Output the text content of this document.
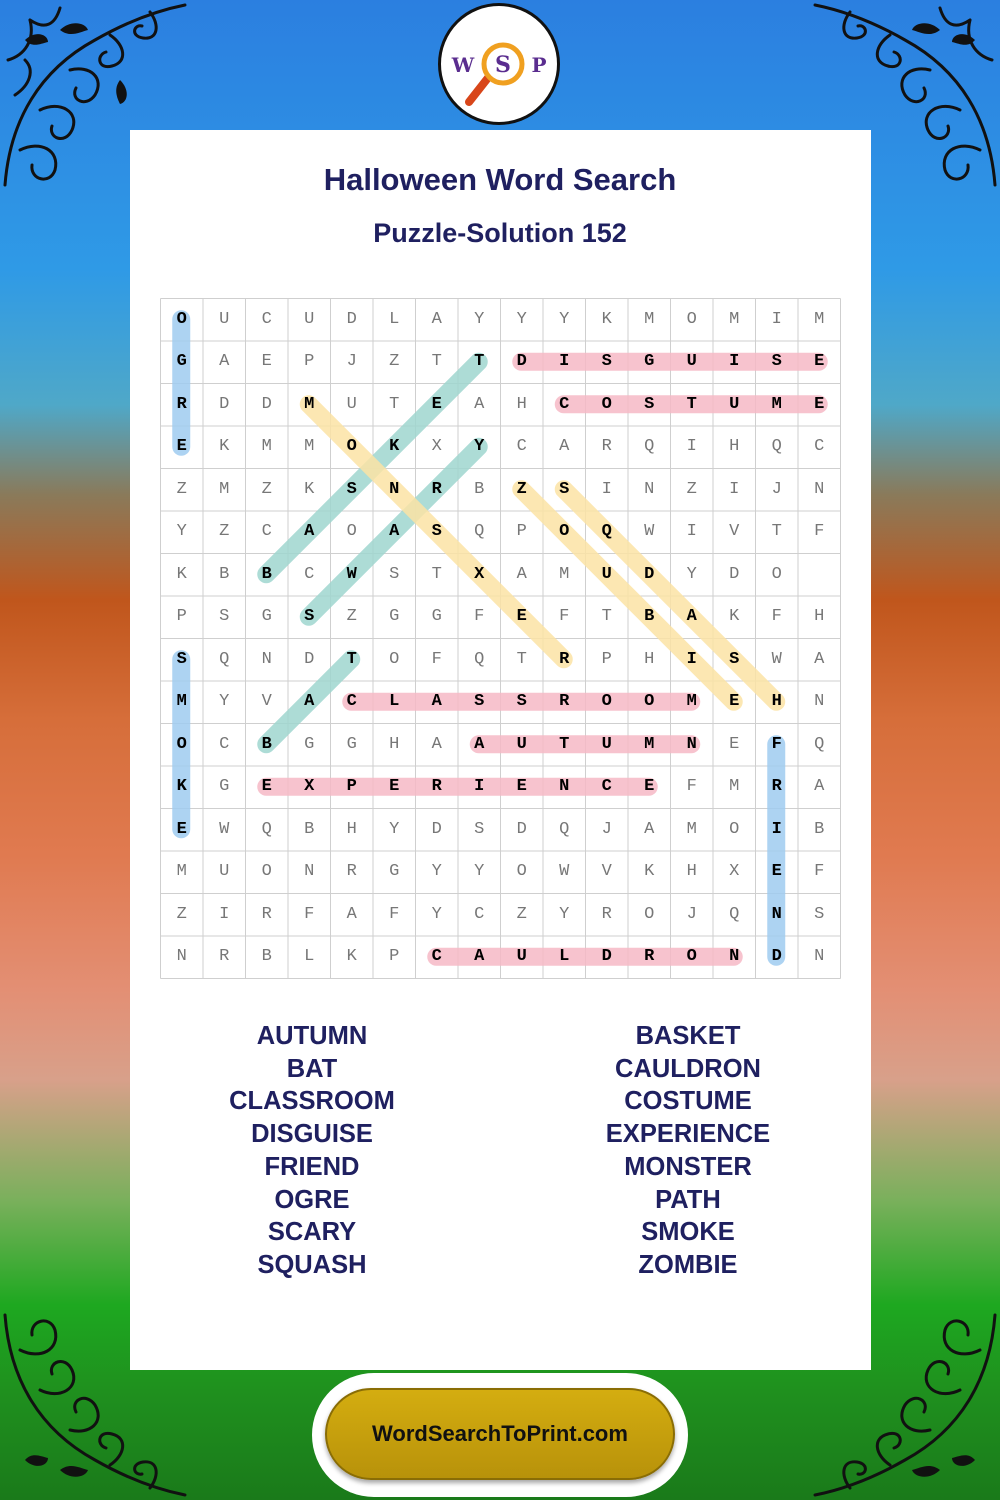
S
W	P
Halloween Word Search
Puzzle-Solution 152
O	U	C	U	D	L	A	Y	Y	Y	K	M	O	M	I	M
G	A	E	P	J	Z	T	T	D	I	S	G	U	I	S	E
R	D	D	M	U	T	E	A	H	C	O	S	T	U	M	E
E	K	M	M	O	K	X	Y	C	A	R	Q	I	H	Q	C
Z	M	Z	K	S	N	R	B	Z	S	I	N	Z	I	J	N
Y	Z	C	A	O	A	S	Q	P	O	Q	W	I	V	T	F
K	B	B	C	W	S	T	X	A	M	U	D	Y	D	O
P	S	G	S	Z	G	G	F	E	F	T	B	A	K	F	H
S	Q	N	D	T	O	F	Q	T	R	P	H	I	S	W	A
M	Y	V	A	C	L	A	S	S	R	O	O	M	E	H	N
O	C	B	G	G	H	A	A	U	T	U	M	N	E	F	Q
K	G	E	X	P	E	R	I	E	N	C	E	F	M	R	A
E	W	Q	B	H	Y	D	S	D	Q	J	A	M	O	I	B
M	U	O	N	R	G	Y	Y	O	W	V	K	H	X	E	F
Z	I	R	F	A	F	Y	C	Z	Y	R	O	J	Q	N	S
N	R	B	L	K	P	C	A	U	L	D	R	O	N	D	N
AUTUMN
BAT
CLASSROOM
DISGUISE
FRIEND
OGRE
SCARY
SQUASH
BASKET
CAULDRON
COSTUME
EXPERIENCE
MONSTER
PATH
SMOKE
ZOMBIE
WordSearchToPrint.com
